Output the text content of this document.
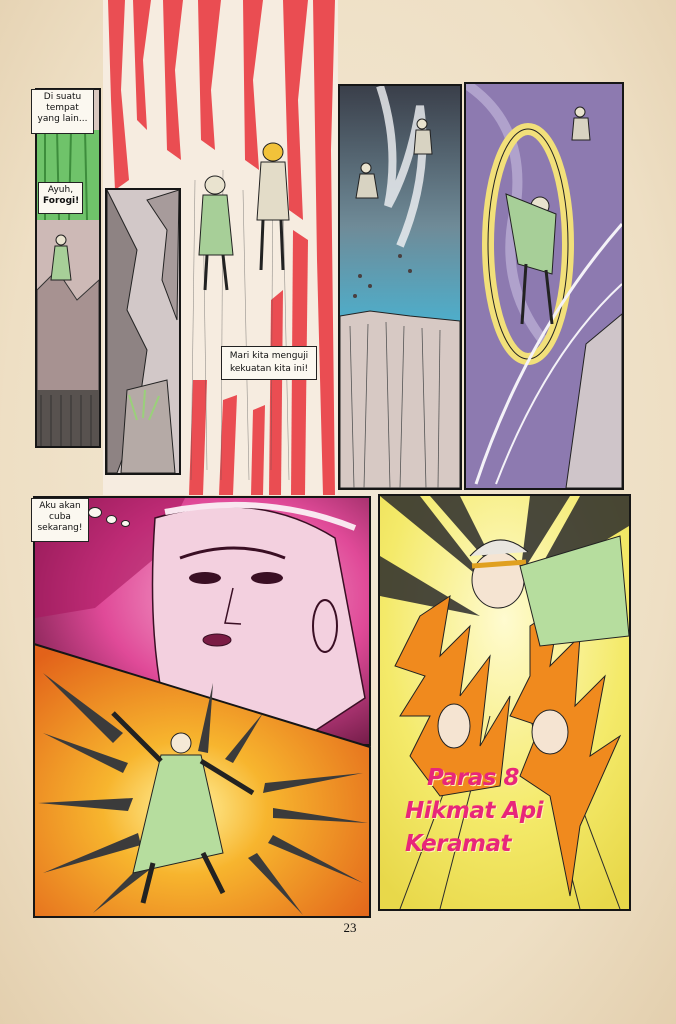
Di suatu tempat yang lain...
Ayuh,
Forogi!
Mari kita menguji kekuatan kita ini!
Aku akan cuba sekarang!
Paras 8
Hikmat Api
Keramat
23
